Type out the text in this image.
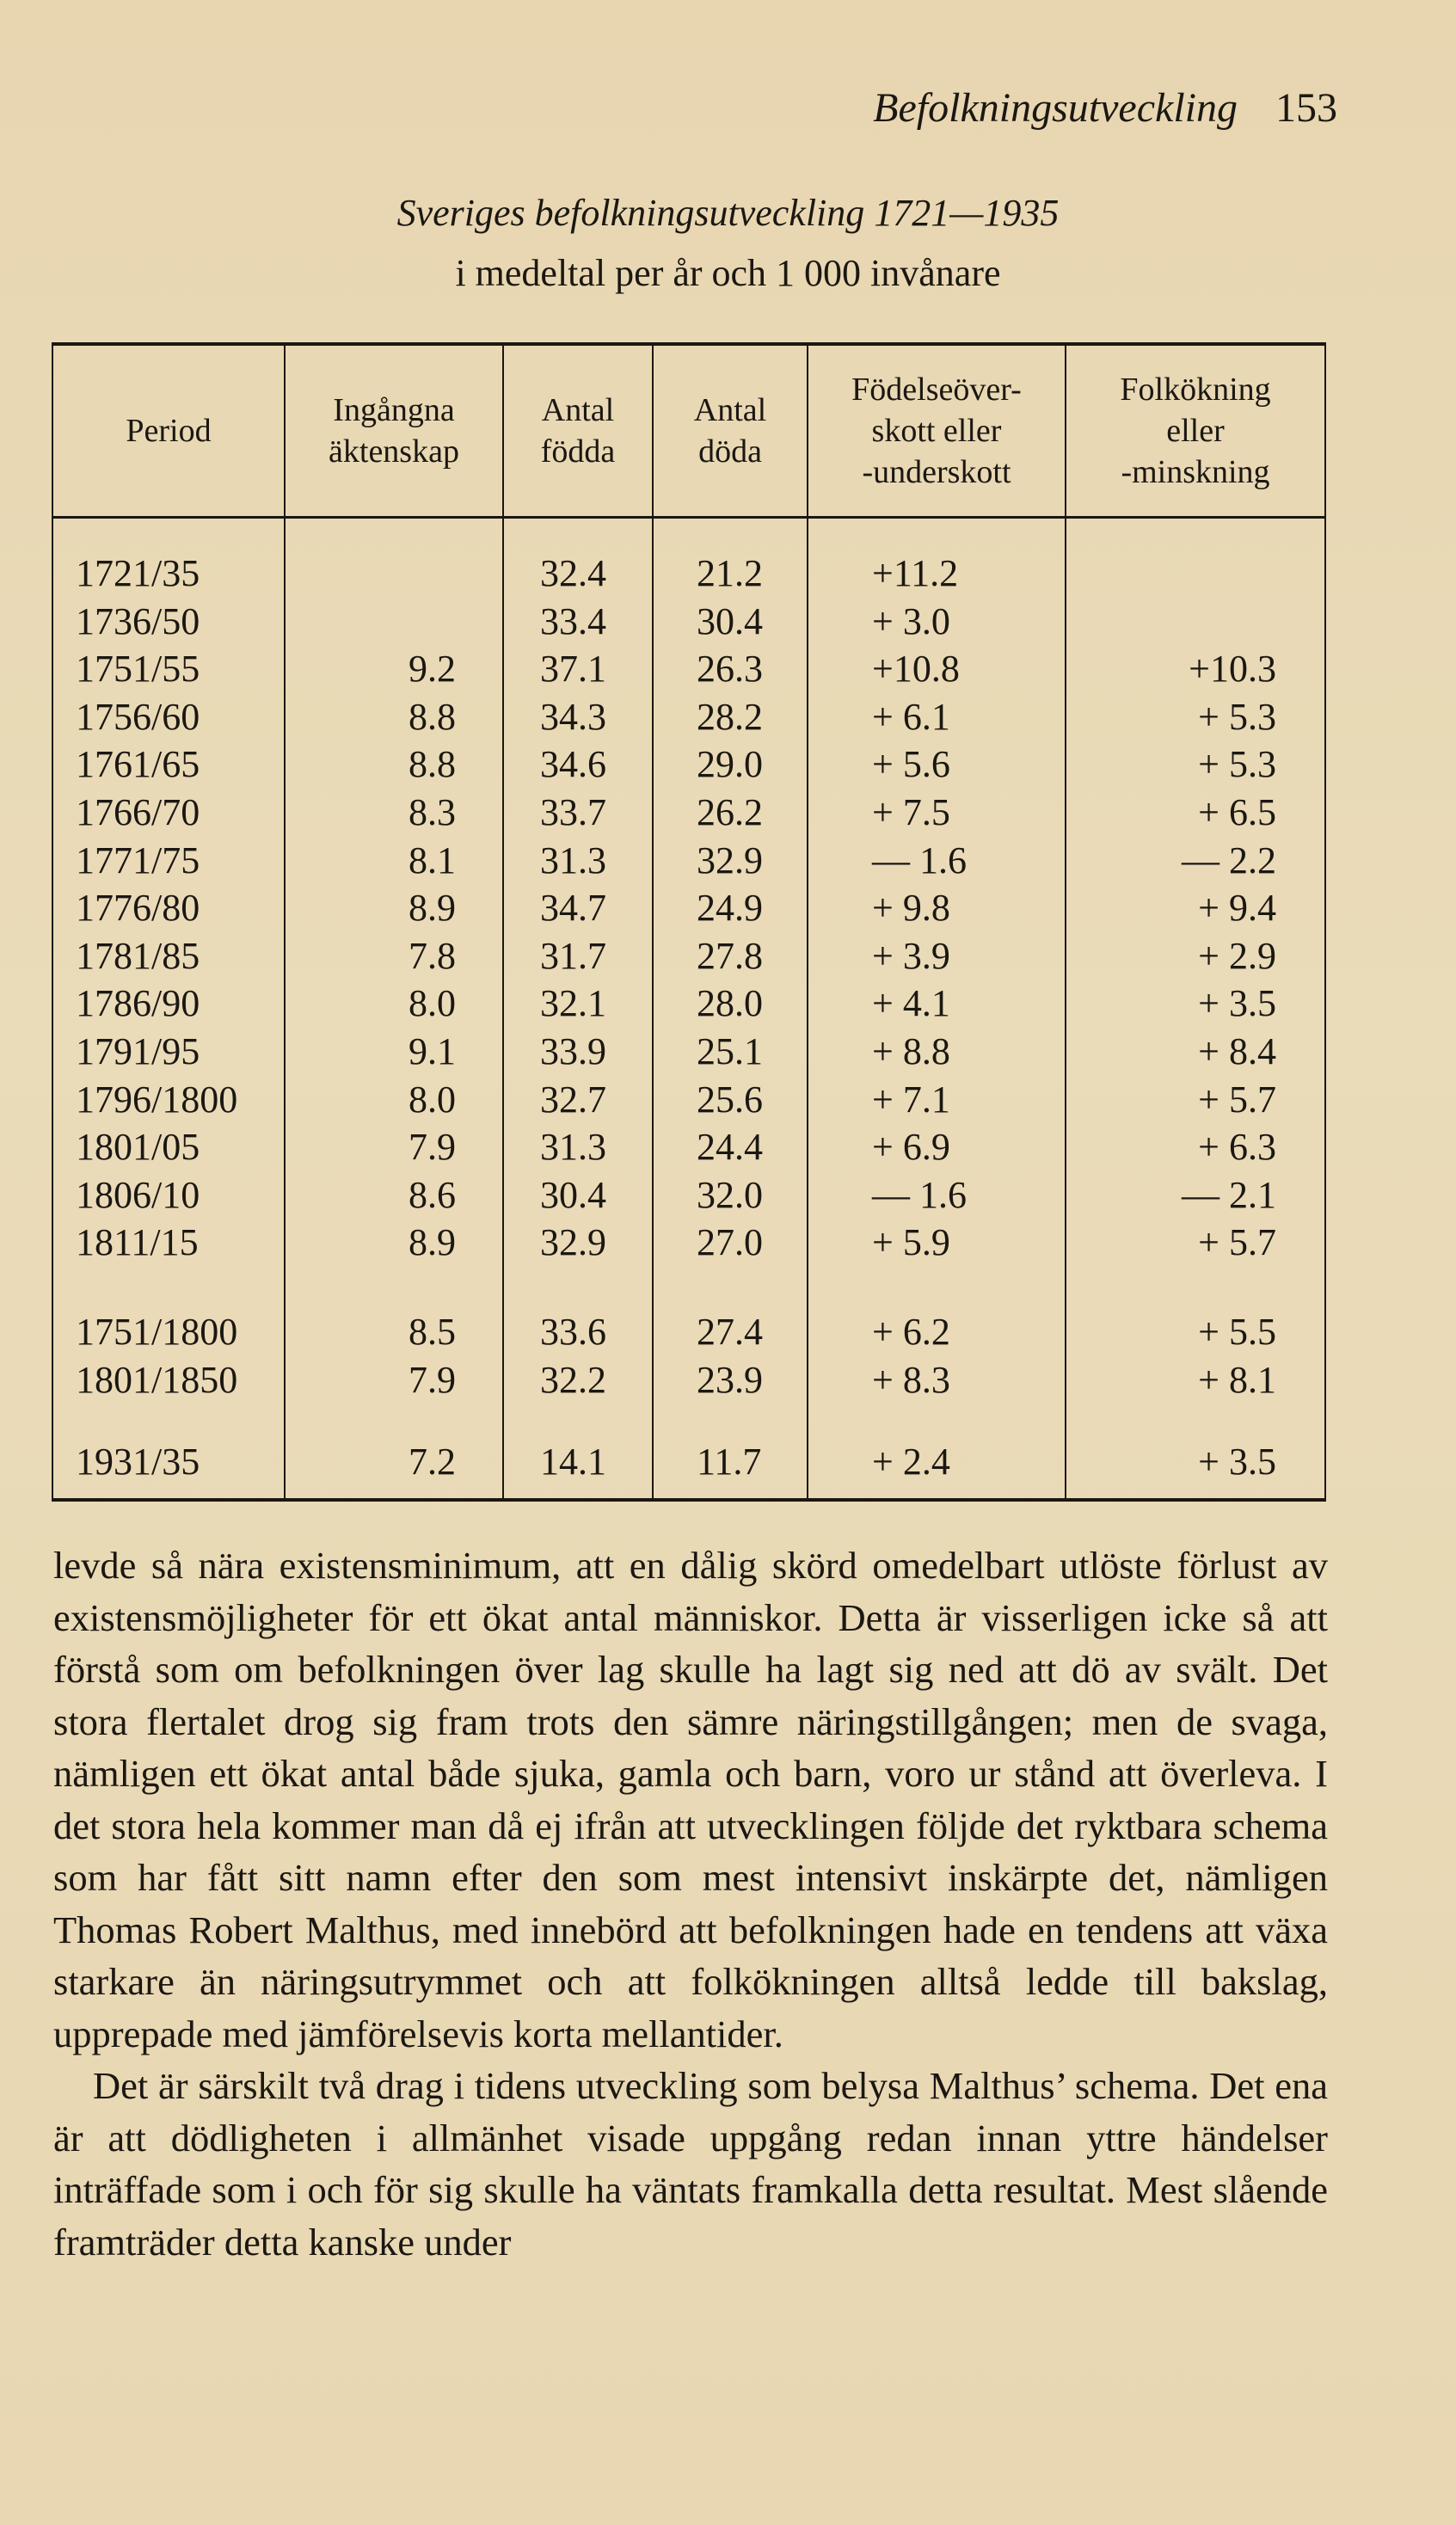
Befolkningsutveckling 153
Sveriges befolkningsutveckling 1721—1935
i medeltal per år och 1 000 invånare
Period
Ingångna
äktenskap
Antal
födda
Antal
döda
Födelseöver-
skott eller
-underskott
Folkökning
eller
-minskning
1721/35
1736/50
1751/55
1756/60
1761/65
1766/70
1771/75
1776/80
1781/85
1786/90
1791/95
1796/1800
1801/05
1806/10
1811/15
1751/1800
1801/1850
1931/35
9.2
8.8
8.8
8.3
8.1
8.9
7.8
8.0
9.1
8.0
7.9
8.6
8.9
8.5
7.9
7.2
32.4
33.4
37.1
34.3
34.6
33.7
31.3
34.7
31.7
32.1
33.9
32.7
31.3
30.4
32.9
33.6
32.2
14.1
21.2
30.4
26.3
28.2
29.0
26.2
32.9
24.9
27.8
28.0
25.1
25.6
24.4
32.0
27.0
27.4
23.9
11.7
+11.2
+ 3.0
+10.8
+ 6.1
+ 5.6
+ 7.5
— 1.6
+ 9.8
+ 3.9
+ 4.1
+ 8.8
+ 7.1
+ 6.9
— 1.6
+ 5.9
+ 6.2
+ 8.3
+ 2.4
+10.3
+ 5.3
+ 5.3
+ 6.5
— 2.2
+ 9.4
+ 2.9
+ 3.5
+ 8.4
+ 5.7
+ 6.3
— 2.1
+ 5.7
+ 5.5
+ 8.1
+ 3.5

levde så nära existensminimum, att en dålig skörd omedelbart utlöste förlust av existensmöjligheter för ett ökat antal människor. Detta är visserligen icke så att förstå som om befolkningen över lag skulle ha lagt sig ned att dö av svält. Det stora flertalet drog sig fram trots den sämre näringstillgången; men de svaga, nämligen ett ökat antal både sjuka, gamla och barn, voro ur stånd att överleva. I det stora hela kommer man då ej ifrån att utvecklingen följde det ryktbara schema som har fått sitt namn efter den som mest intensivt inskärpte det, nämligen Thomas Robert Malthus, med innebörd att befolkningen hade en tendens att växa starkare än näringsutrymmet och att folkökningen alltså ledde till bakslag, upprepade med jämförelsevis korta mellantider.

Det är särskilt två drag i tidens utveckling som belysa Malthus’ schema. Det ena är att dödligheten i allmänhet visade uppgång redan innan yttre händelser inträffade som i och för sig skulle ha väntats framkalla detta resultat. Mest slående framträder detta kanske under
